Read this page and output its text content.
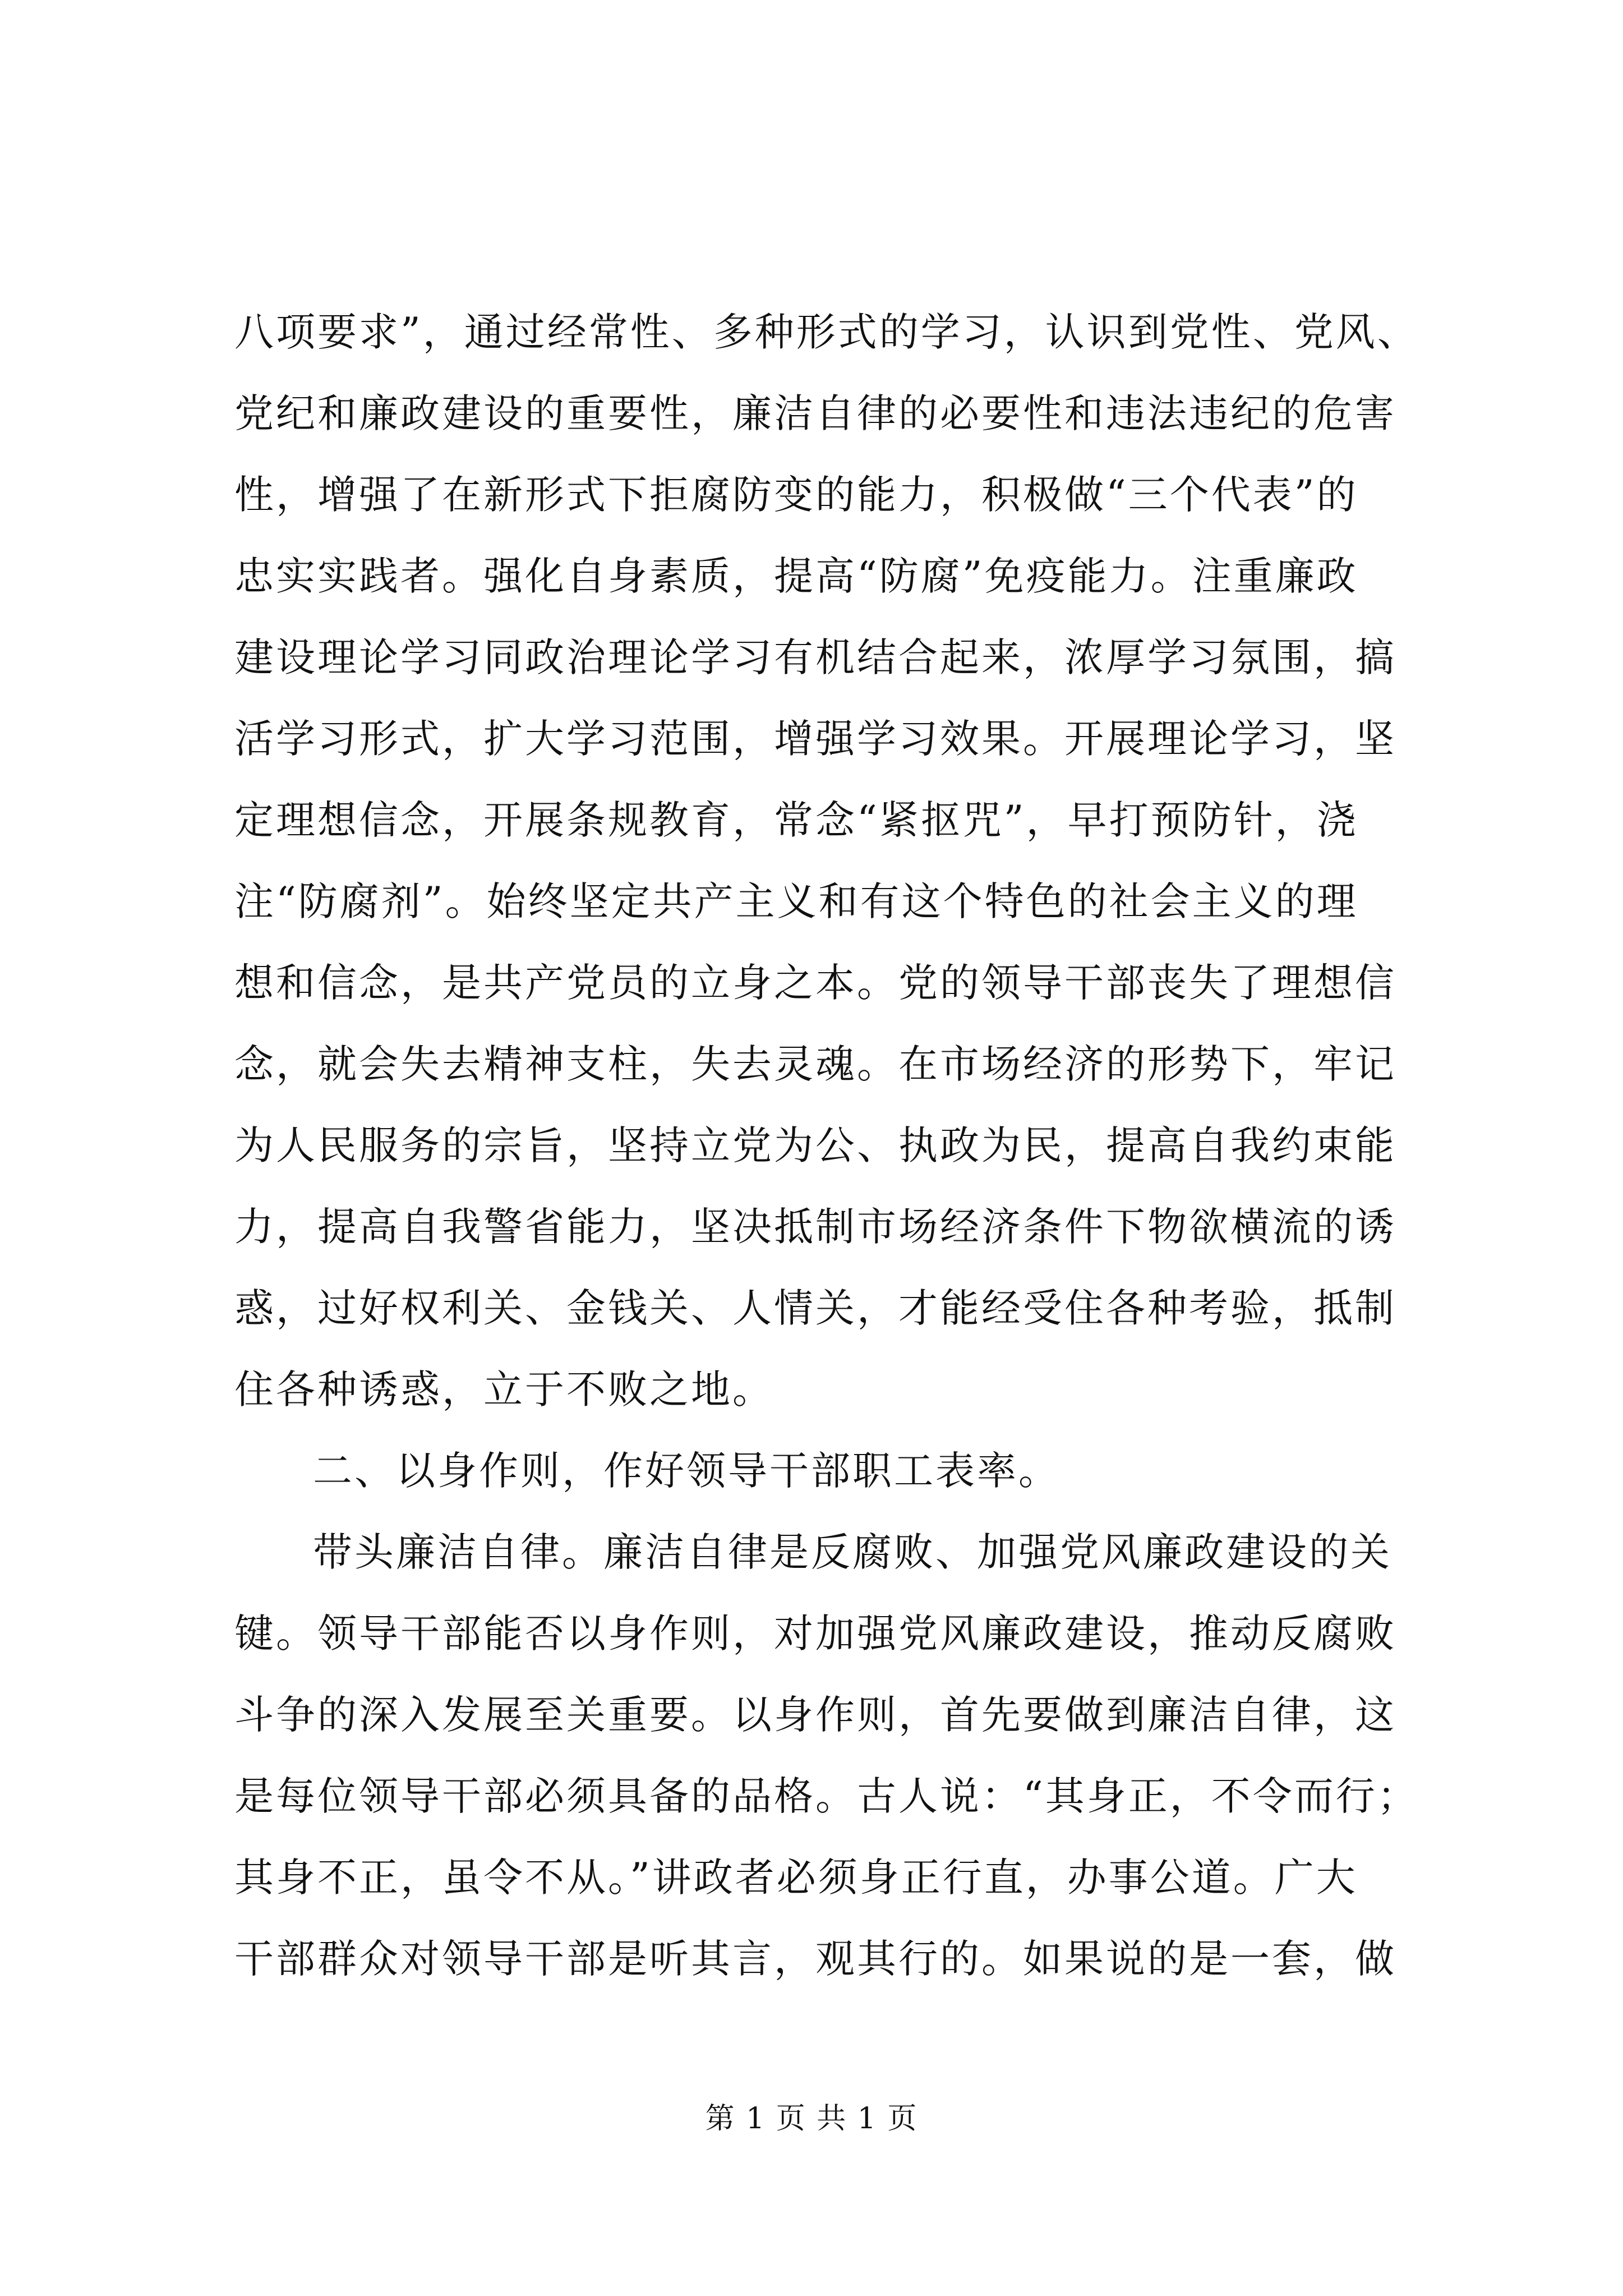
八项要求”，通过经常性、多种形式的学习，认识到党性、党风、
党纪和廉政建设的重要性，廉洁自律的必要性和违法违纪的危害
性，增强了在新形式下拒腐防变的能力，积极做“三个代表”的
忠实实践者。强化自身素质，提高“防腐”免疫能力。注重廉政
建设理论学习同政治理论学习有机结合起来，浓厚学习氛围，搞
活学习形式，扩大学习范围，增强学习效果。开展理论学习，坚
定理想信念，开展条规教育，常念“紧抠咒”，早打预防针，浇
注“防腐剂”。始终坚定共产主义和有这个特色的社会主义的理
想和信念，是共产党员的立身之本。党的领导干部丧失了理想信
念，就会失去精神支柱，失去灵魂。在市场经济的形势下，牢记
为人民服务的宗旨，坚持立党为公、执政为民，提高自我约束能
力，提高自我警省能力，坚决抵制市场经济条件下物欲横流的诱
惑，过好权利关、金钱关、人情关，才能经受住各种考验，抵制
住各种诱惑，立于不败之地。
二、以身作则，作好领导干部职工表率。
带头廉洁自律。廉洁自律是反腐败、加强党风廉政建设的关
键。领导干部能否以身作则，对加强党风廉政建设，推动反腐败
斗争的深入发展至关重要。以身作则，首先要做到廉洁自律，这
是每位领导干部必须具备的品格。古人说：“其身正，不令而行；
其身不正，虽令不从。”讲政者必须身正行直，办事公道。广大
干部群众对领导干部是听其言，观其行的。如果说的是一套，做
第 1 页 共 1 页
